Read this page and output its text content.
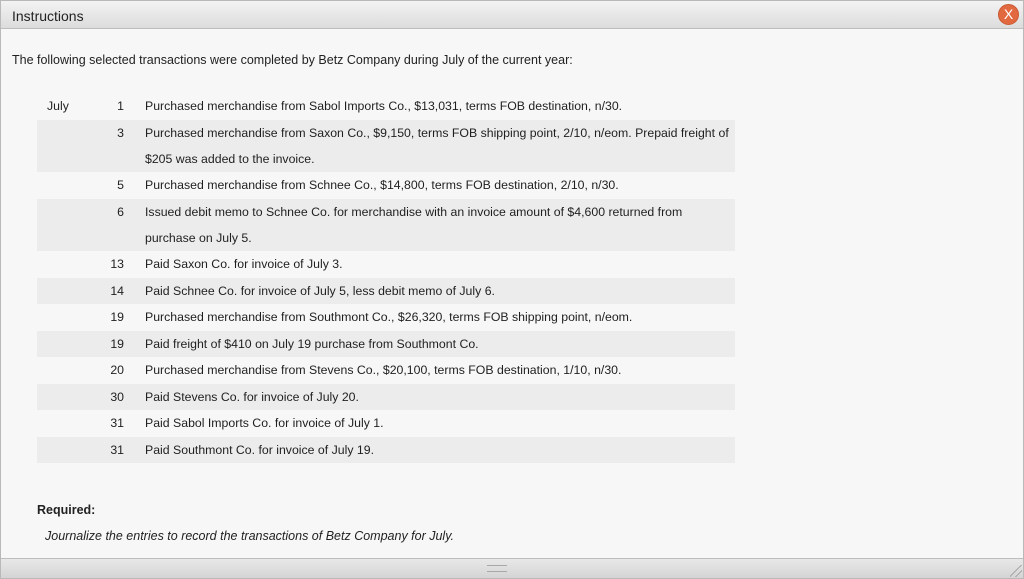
Instructions	X
The following selected transactions were completed by Betz Company during July of the current year:
July	1	Purchased merchandise from Sabol Imports Co., $13,031, terms FOB destination, n/30.
	3	Purchased merchandise from Saxon Co., $9,150, terms FOB shipping point, 2/10, n/eom. Prepaid freight of $205 was added to the invoice.
	5	Purchased merchandise from Schnee Co., $14,800, terms FOB destination, 2/10, n/30.
	6	Issued debit memo to Schnee Co. for merchandise with an invoice amount of $4,600 returned from purchase on July 5.
	13	Paid Saxon Co. for invoice of July 3.
	14	Paid Schnee Co. for invoice of July 5, less debit memo of July 6.
	19	Purchased merchandise from Southmont Co., $26,320, terms FOB shipping point, n/eom.
	19	Paid freight of $410 on July 19 purchase from Southmont Co.
	20	Purchased merchandise from Stevens Co., $20,100, terms FOB destination, 1/10, n/30.
	30	Paid Stevens Co. for invoice of July 20.
	31	Paid Sabol Imports Co. for invoice of July 1.
	31	Paid Southmont Co. for invoice of July 19.
Required:
Journalize the entries to record the transactions of Betz Company for July.
